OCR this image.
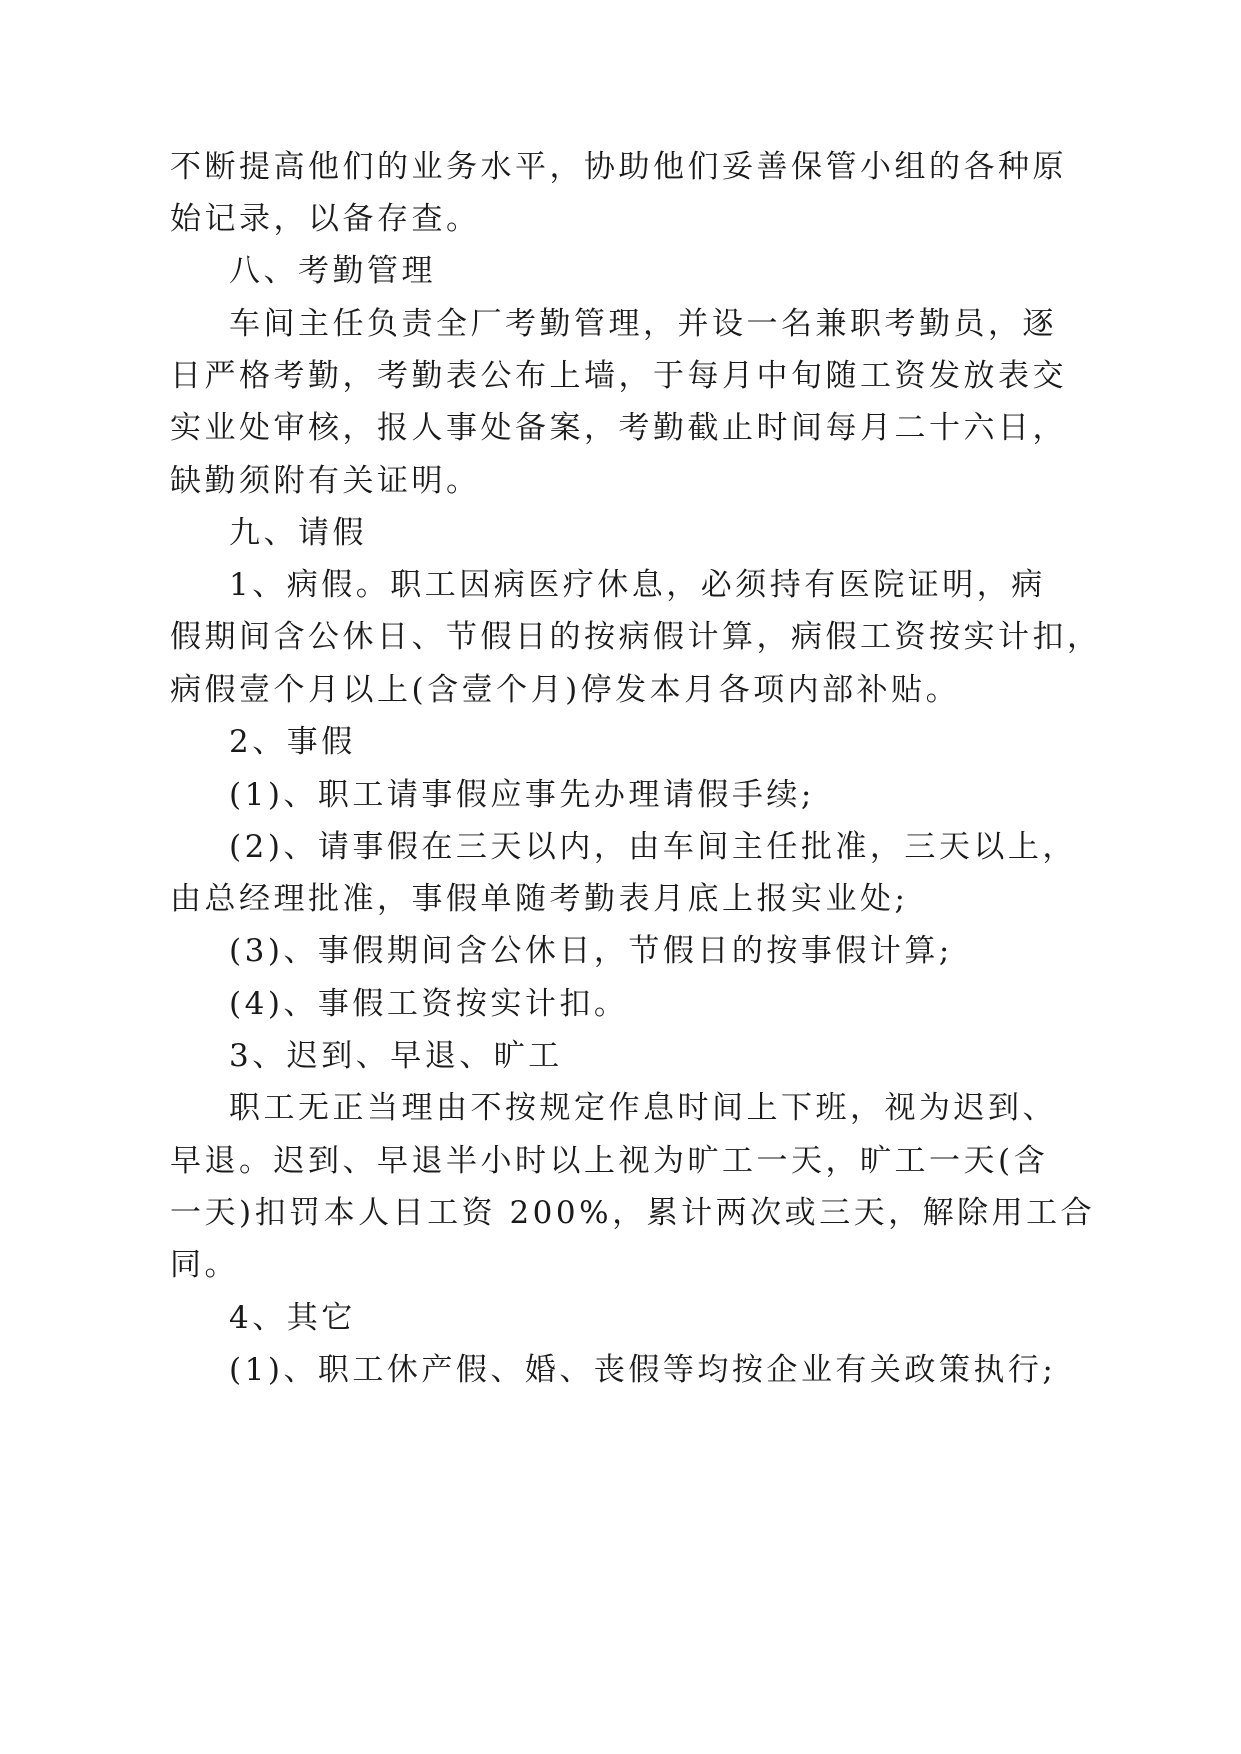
不断提高他们的业务水平，协助他们妥善保管小组的各种原
始记录，以备存查。
八、考勤管理
车间主任负责全厂考勤管理，并设一名兼职考勤员，逐
日严格考勤，考勤表公布上墙，于每月中旬随工资发放表交
实业处审核，报人事处备案，考勤截止时间每月二十六日，
缺勤须附有关证明。
九、请假
1、病假。职工因病医疗休息，必须持有医院证明，病
假期间含公休日、节假日的按病假计算，病假工资按实计扣，
病假壹个月以上(含壹个月)停发本月各项内部补贴。
2、事假
(1)、职工请事假应事先办理请假手续;
(2)、请事假在三天以内，由车间主任批准，三天以上，
由总经理批准，事假单随考勤表月底上报实业处;
(3)、事假期间含公休日，节假日的按事假计算;
(4)、事假工资按实计扣。
3、迟到、早退、旷工
职工无正当理由不按规定作息时间上下班，视为迟到、
早退。迟到、早退半小时以上视为旷工一天，旷工一天(含
一天)扣罚本人日工资 200%，累计两次或三天，解除用工合
同。
4、其它
(1)、职工休产假、婚、丧假等均按企业有关政策执行;
